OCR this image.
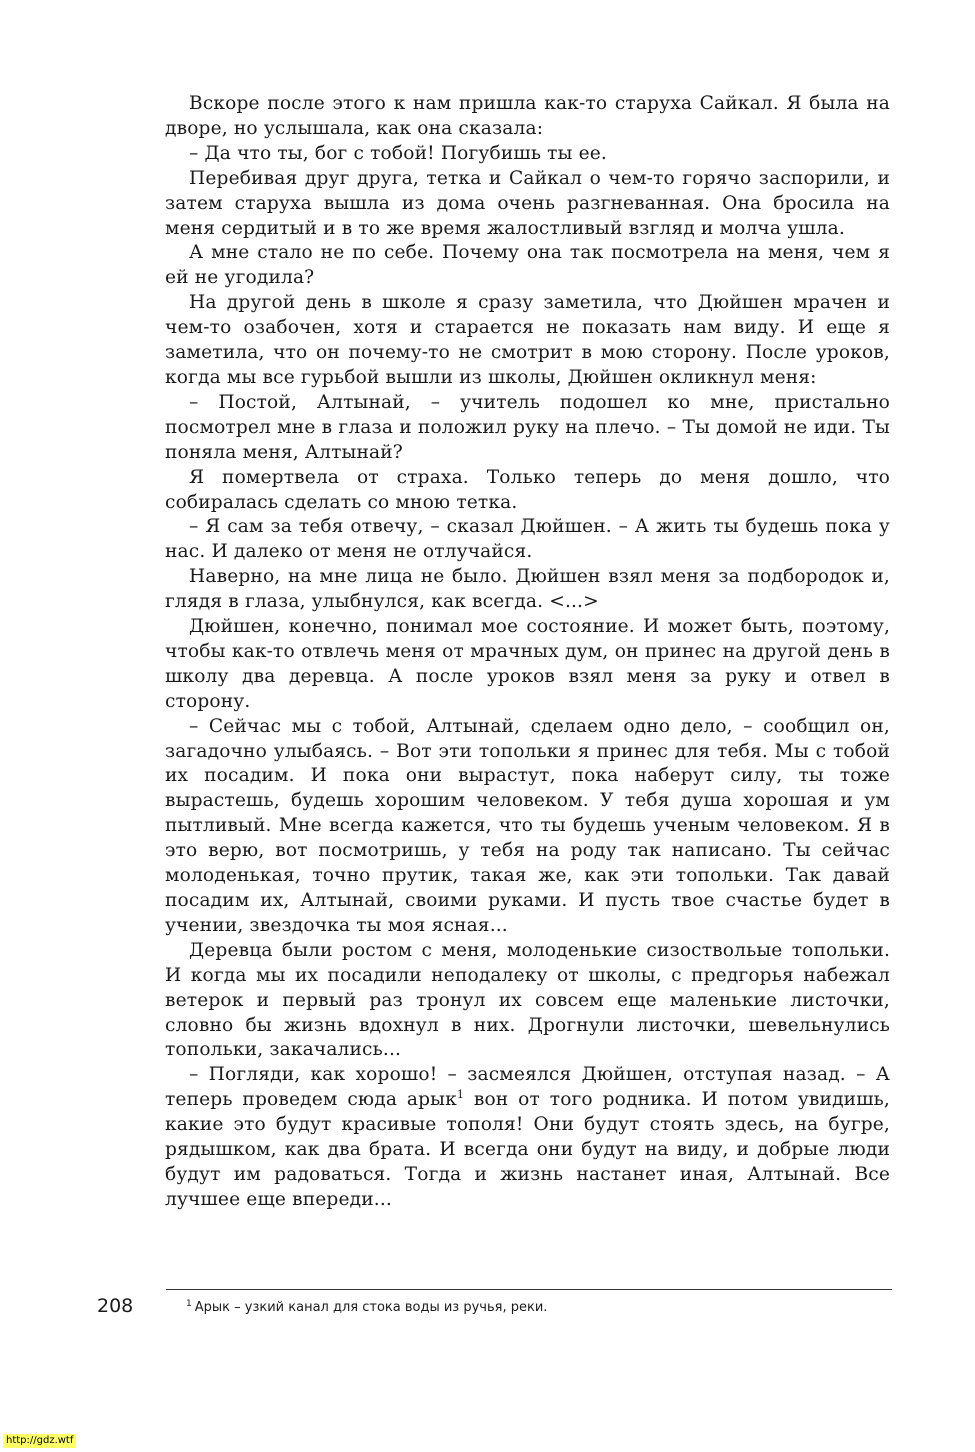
Вскоре после этого к нам пришла как-то старуха Сайкал. Я была на дворе, но услышала, как она сказала:

– Да что ты, бог с тобой! Погубишь ты ее.

Перебивая друг друга, тетка и Сайкал о чем-то горячо заспорили, и затем старуха вышла из дома очень разгневанная. Она бросила на меня сердитый и в то же время жалостливый взгляд и молча ушла.

А мне стало не по себе. Почему она так посмотрела на меня, чем я ей не угодила?

На другой день в школе я сразу заметила, что Дюйшен мрачен и чем-то озабочен, хотя и старается не показать нам виду. И еще я заметила, что он почему-то не смотрит в мою сторону. После уроков, когда мы все гурьбой вышли из школы, Дюйшен окликнул меня:

– Постой, Алтынай, – учитель подошел ко мне, пристально посмотрел мне в глаза и положил руку на плечо. – Ты домой не иди. Ты поняла меня, Алтынай?

Я помертвела от страха. Только теперь до меня дошло, что собиралась сделать со мною тетка.

– Я сам за тебя отвечу, – сказал Дюйшен. – А жить ты будешь пока у нас. И далеко от меня не отлучайся.

Наверно, на мне лица не было. Дюйшен взял меня за подбородок и, глядя в глаза, улыбнулся, как всегда. <...>

Дюйшен, конечно, понимал мое состояние. И может быть, поэтому, чтобы как-то отвлечь меня от мрачных дум, он принес на другой день в школу два деревца. А после уроков взял меня за руку и отвел в сторону.

– Сейчас мы с тобой, Алтынай, сделаем одно дело, – сообщил он, загадочно улыбаясь. – Вот эти топольки я принес для тебя. Мы с тобой их посадим. И пока они вырастут, пока наберут силу, ты тоже вырастешь, будешь хорошим человеком. У тебя душа хорошая и ум пытливый. Мне всегда кажется, что ты будешь ученым человеком. Я в это верю, вот посмотришь, у тебя на роду так написано. Ты сейчас молоденькая, точно прутик, такая же, как эти топольки. Так давай посадим их, Алтынай, своими руками. И пусть твое счастье будет в учении, звездочка ты моя ясная...

Деревца были ростом с меня, молоденькие сизоствольые топольки. И когда мы их посадили неподалеку от школы, с предгорья набежал ветерок и первый раз тронул их совсем еще маленькие листочки, словно бы жизнь вдохнул в них. Дрогнули листочки, шевельнулись топольки, закачались...

– Погляди, как хорошо! – засмеялся Дюйшен, отступая назад. – А теперь проведем сюда арык$^1$ вон от того родника. И потом увидишь, какие это будут красивые тополя! Они будут стоять здесь, на бугре, рядышком, как два брата. И всегда они будут на виду, и добрые люди будут им радоваться. Тогда и жизнь настанет иная, Алтынай. Все лучшее еще впереди...

208	$^1$ Арык – узкий канал для стока воды из ручья, реки.
http://gdz.wtf
